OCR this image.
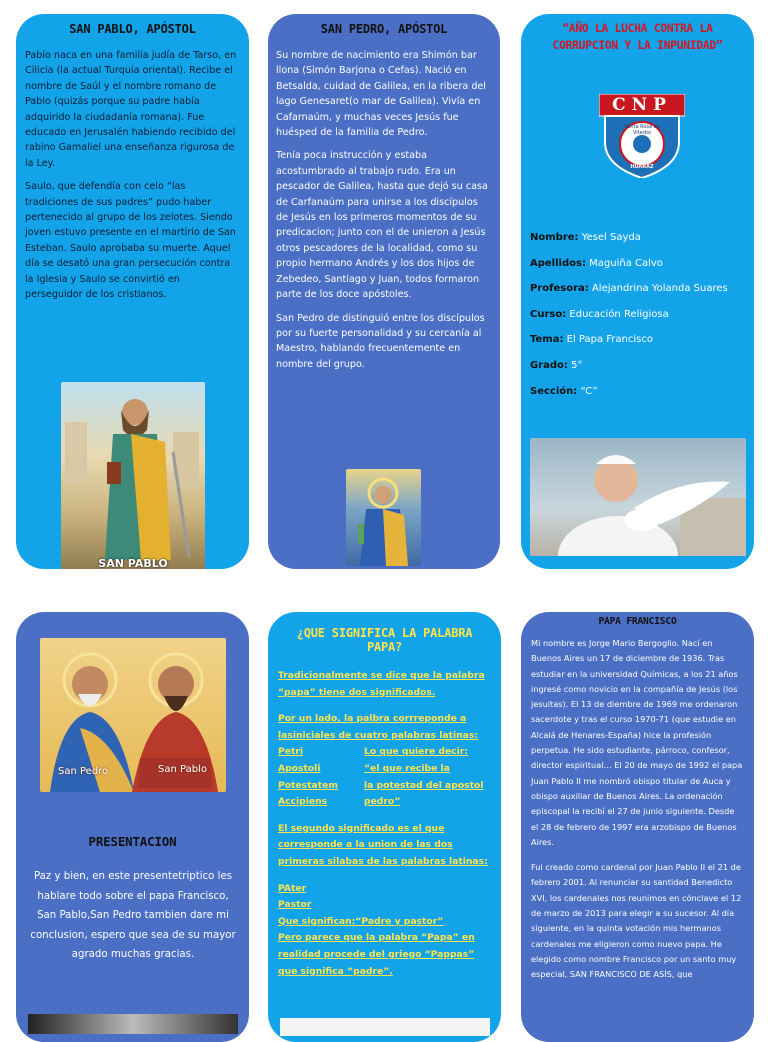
SAN PABLO, APÓSTOL

Pablo naca en una familia judía de Tarso, en Cilicia (la actual Turquía oriental). Recibe el nombre de Saúl y el nombre romano de Pablo (quizás porque su padre había adquirido la ciudadanía romana). Fue educado en Jerusalén habiendo recibido del rabino Gamaliel una enseñanza rigurosa de la Ley.

Saulo, que defendía con celo “las tradiciones de sus padres” pudo haber pertenecido al grupo de los zelotes. Siendo joven estuvo presente en el martirio de San Esteban. Saulo aprobaba su muerte. Aquel día se desató una gran persecución contra la Iglesia y Saulo se convirtió en perseguidor de los cristianos.

SAN PABLO
SAN PEDRO, APÓSTOL

Su nombre de nacimiento era Shimón bar llona (Simón Barjona o Cefas). Nació en Betsalda, cuidad de Galilea, en la ribera del lago Genesaret(o mar de Galilea). Vivía en Cafarnaúm, y muchas veces Jesús fue huésped de la familia de Pedro.

Tenía poca instrucción y estaba acostumbrado al trabajo rudo. Era un pescador de Galilea, hasta que dejó su casa de Carfanaúm para unirse a los discípulos de Jesús en los primeros momentos de su predicacion; junto con el de unieron a Jesús otros pescadores de la localidad, como su propio hermano Andrés y los dos hijos de Zebedeo, Santiago y Juan, todos formaron parte de los doce apóstoles.

San Pedro de distinguió entre los discípulos por su fuerte personalidad y su cercanía al Maestro, hablando frecuentemente en nombre del grupo.

“AÑO LA LUCHA CONTRA LA CORRUPCION Y LA INPUNIDAD”
CNP
Santa Rosa de Viterbo
HUARAZ
Nombre: Yesel Sayda
Apellidos: Maguiña Calvo
Profesora: Alejandrina Yolanda Suares
Curso: Educación Religiosa
Tema: El Papa Francisco
Grado: 5°
Sección: “C”
San Pedro	San Pablo
PRESENTACION
Paz y bien, en este presentetriptico les hablare todo sobre el papa Francisco, San Pablo,San Pedro tambien dare mi conclusion, espero que sea de su mayor agrado muchas gracias.
¿QUE SIGNIFICA LA PALABRA PAPA?

Tradicionalmente se dice que la palabra “papa” tiene dos significados.

Por un lado, la palbra corrreponde a lasiniciales de cuatro palabras latinas:

Petri	Lo que quiere decir:
Apostoli	“el que recibe la
Potestatem	la potestad del apostol
Accipiens	pedro”

El segundo significado es el que corresponde a la union de las dos primeras silabas de las palabras latinas:

PAter
Pastor
Que significan:“Padre y pastor”
Pero parece que la palabra “Papa” en realidad procede del griego “Pappas” que significa “padre”.

PAPA FRANCISCO

Mi nombre es Jorge Mario Bergoglio. Nací en Buenos Aires un 17 de diciembre de 1936. Tras estudiar en la universidad Químicas, a los 21 años ingresé como novicio en la compañía de Jesús (los jesuitas). El 13 de diembre de 1969 me ordenaron sacerdote y tras el curso 1970-71 (que estudie en Alcalá de Henares-España) hice la profesión perpetua. He sido estudiante, párroco, confesor, director espiritual… El 20 de mayo de 1992 el papa Juan Pablo II me nombró obispo titular de Auca y obispo auxiliar de Buenos Aires. La ordenación episcopal la recibí el 27 de junio siguiente. Desde el 28 de febrero de 1997 era arzobispo de Buenos Aires.

Fui creado como cardenal por Juan Pablo II el 21 de febrero 2001. Al renunciar su santidad Benedicto XVI, los cardenales nos reunimos en cónclave el 12 de marzo de 2013 para elegir a su sucesor. Al día siguiente, en la quinta votación mis hermanos cardenales me eligieron como nuevo papa. He elegido como nombre Francisco por un santo muy especial, SAN FRANCISCO DE ASÍS, que
